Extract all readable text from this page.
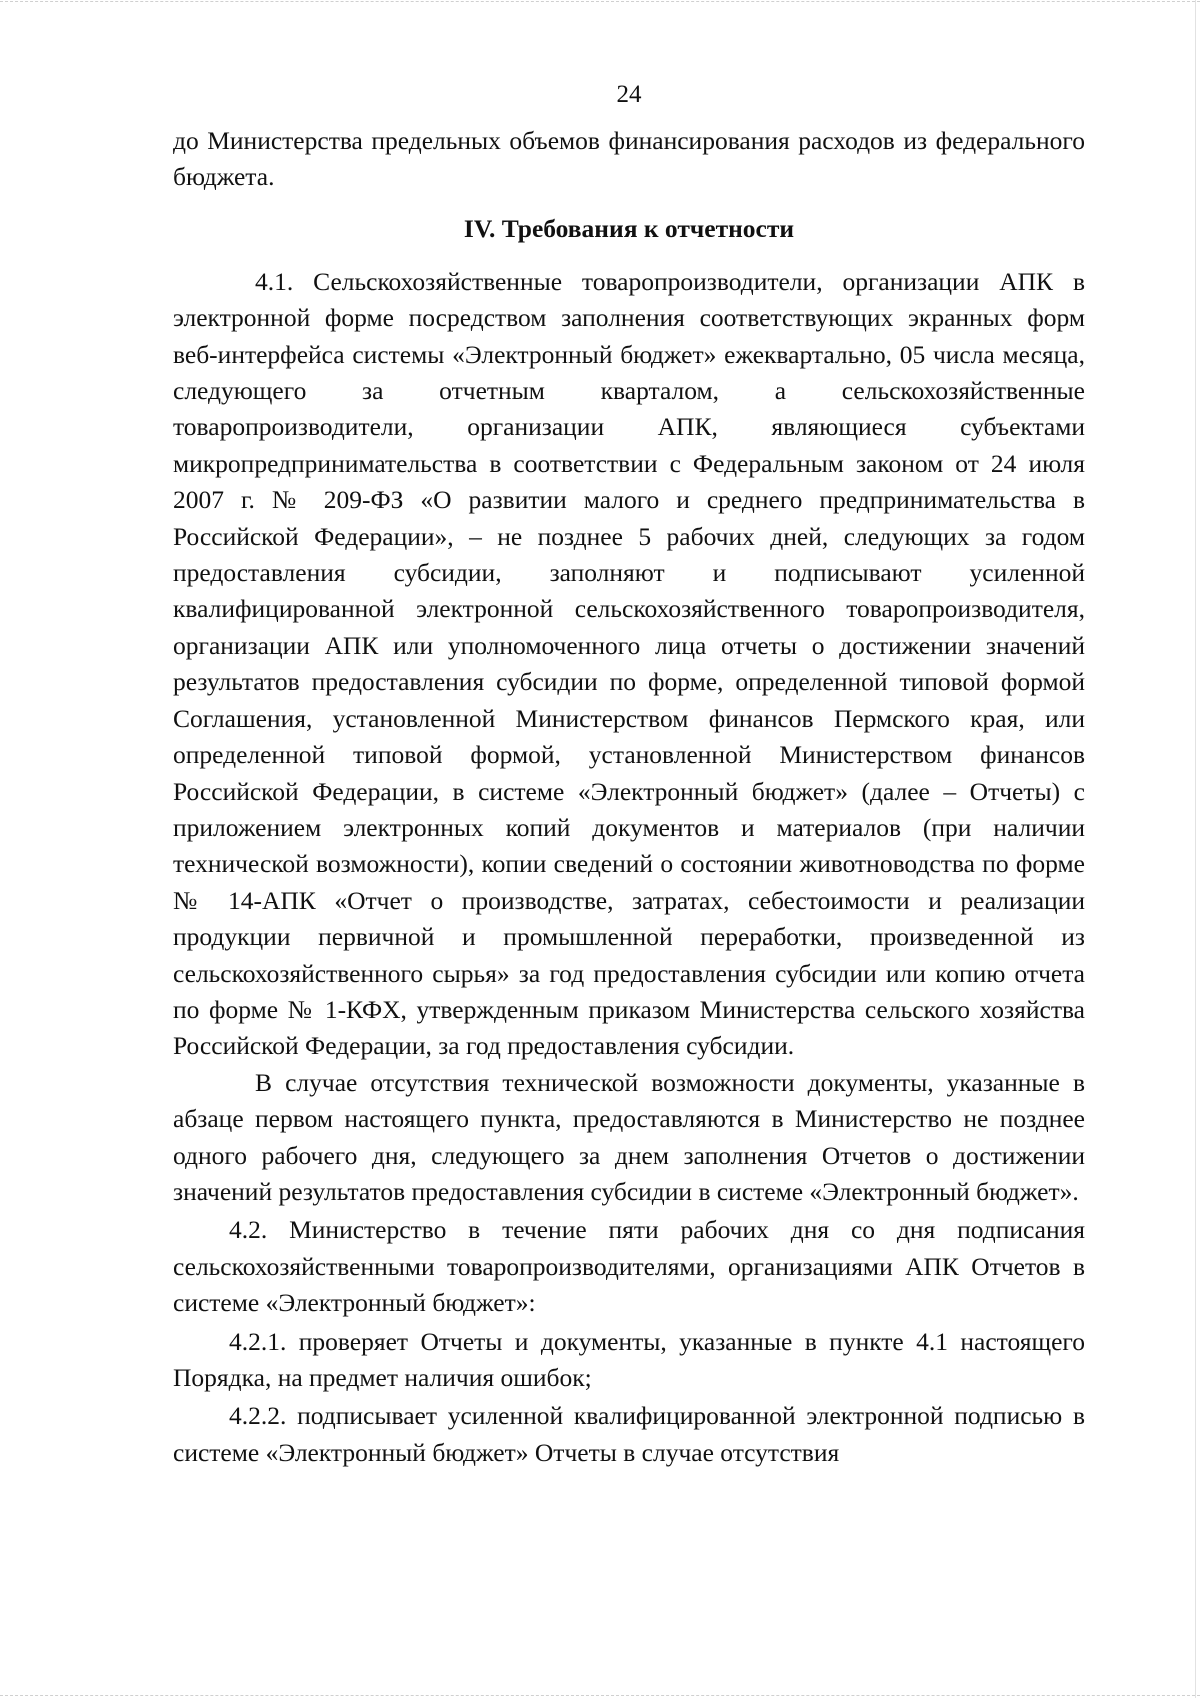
24

до Министерства предельных объемов финансирования расходов из федерального бюджета.

IV. Требования к отчетности

4.1. Сельскохозяйственные товаропроизводители, организации АПК в электронной форме посредством заполнения соответствующих экранных форм веб-интерфейса системы «Электронный бюджет» ежеквартально, 05 числа месяца, следующего за отчетным кварталом, а сельскохозяйственные товаропроизводители, организации АПК, являющиеся субъектами микропредпринимательства в соответствии с Федеральным законом от 24 июля 2007 г. № 209-ФЗ «О развитии малого и среднего предпринимательства в Российской Федерации», – не позднее 5 рабочих дней, следующих за годом предоставления субсидии, заполняют и подписывают усиленной квалифицированной электронной сельскохозяйственного товаропроизводителя, организации АПК или уполномоченного лица отчеты о достижении значений результатов предоставления субсидии по форме, определенной типовой формой Соглашения, установленной Министерством финансов Пермского края, или определенной типовой формой, установленной Министерством финансов Российской Федерации, в системе «Электронный бюджет» (далее – Отчеты) с приложением электронных копий документов и материалов (при наличии технической возможности), копии сведений о состоянии животноводства по форме № 14-АПК «Отчет о производстве, затратах, себестоимости и реализации продукции первичной и промышленной переработки, произведенной из сельскохозяйственного сырья» за год предоставления субсидии или копию отчета по форме № 1-КФХ, утвержденным приказом Министерства сельского хозяйства Российской Федерации, за год предоставления субсидии.

В случае отсутствия технической возможности документы, указанные в абзаце первом настоящего пункта, предоставляются в Министерство не позднее одного рабочего дня, следующего за днем заполнения Отчетов о достижении значений результатов предоставления субсидии в системе «Электронный бюджет».

4.2. Министерство в течение пяти рабочих дня со дня подписания сельскохозяйственными товаропроизводителями, организациями АПК Отчетов в системе «Электронный бюджет»:

4.2.1. проверяет Отчеты и документы, указанные в пункте 4.1 настоящего Порядка, на предмет наличия ошибок;

4.2.2. подписывает усиленной квалифицированной электронной подписью в системе «Электронный бюджет» Отчеты в случае отсутствия
